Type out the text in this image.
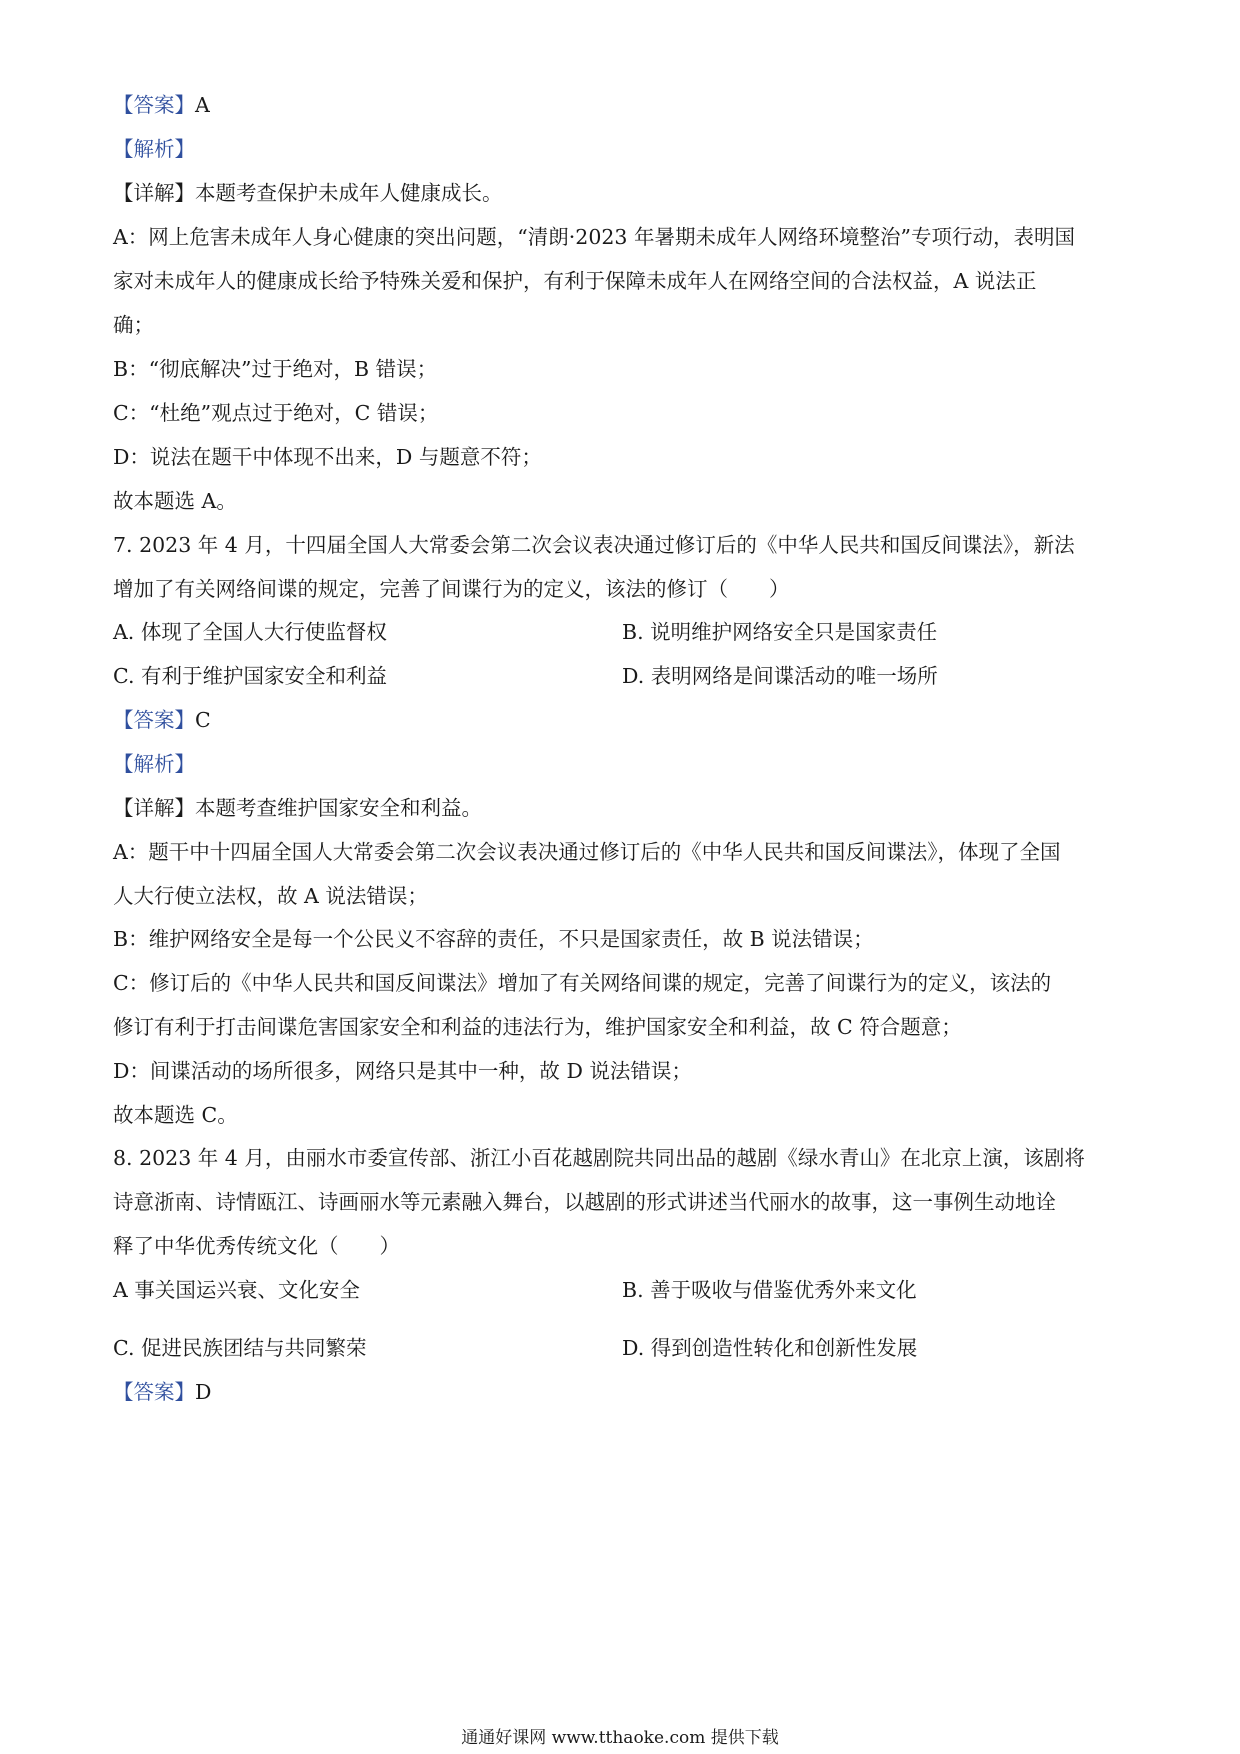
【答案】A
【解析】
【详解】本题考查保护未成年人健康成长。
A：网上危害未成年人身心健康的突出问题，“清朗·2023 年暑期未成年人网络环境整治”专项行动，表明国
家对未成年人的健康成长给予特殊关爱和保护，有利于保障未成年人在网络空间的合法权益，A 说法正
确；
B：“彻底解决”过于绝对，B 错误；
C：“杜绝”观点过于绝对，C 错误；
D：说法在题干中体现不出来，D 与题意不符；
故本题选 A。
7. 2023 年 4 月，十四届全国人大常委会第二次会议表决通过修订后的《中华人民共和国反间谍法》，新法
增加了有关网络间谍的规定，完善了间谍行为的定义，该法的修订（　　）
A. 体现了全国人大行使监督权	B. 说明维护网络安全只是国家责任
C. 有利于维护国家安全和利益	D. 表明网络是间谍活动的唯一场所
【答案】C
【解析】
【详解】本题考查维护国家安全和利益。
A：题干中十四届全国人大常委会第二次会议表决通过修订后的《中华人民共和国反间谍法》，体现了全国
人大行使立法权，故 A 说法错误；
B：维护网络安全是每一个公民义不容辞的责任，不只是国家责任，故 B 说法错误；
C：修订后的《中华人民共和国反间谍法》增加了有关网络间谍的规定，完善了间谍行为的定义，该法的
修订有利于打击间谍危害国家安全和利益的违法行为，维护国家安全和利益，故 C 符合题意；
D：间谍活动的场所很多，网络只是其中一种，故 D 说法错误；
故本题选 C。
8. 2023 年 4 月，由丽水市委宣传部、浙江小百花越剧院共同出品的越剧《绿水青山》在北京上演，该剧将
诗意浙南、诗情瓯江、诗画丽水等元素融入舞台，以越剧的形式讲述当代丽水的故事，这一事例生动地诠
释了中华优秀传统文化（　　）
A 事关国运兴衰、文化安全	B. 善于吸收与借鉴优秀外来文化
C. 促进民族团结与共同繁荣	D. 得到创造性转化和创新性发展
【答案】D
通通好课网 www.tthaoke.com 提供下载
